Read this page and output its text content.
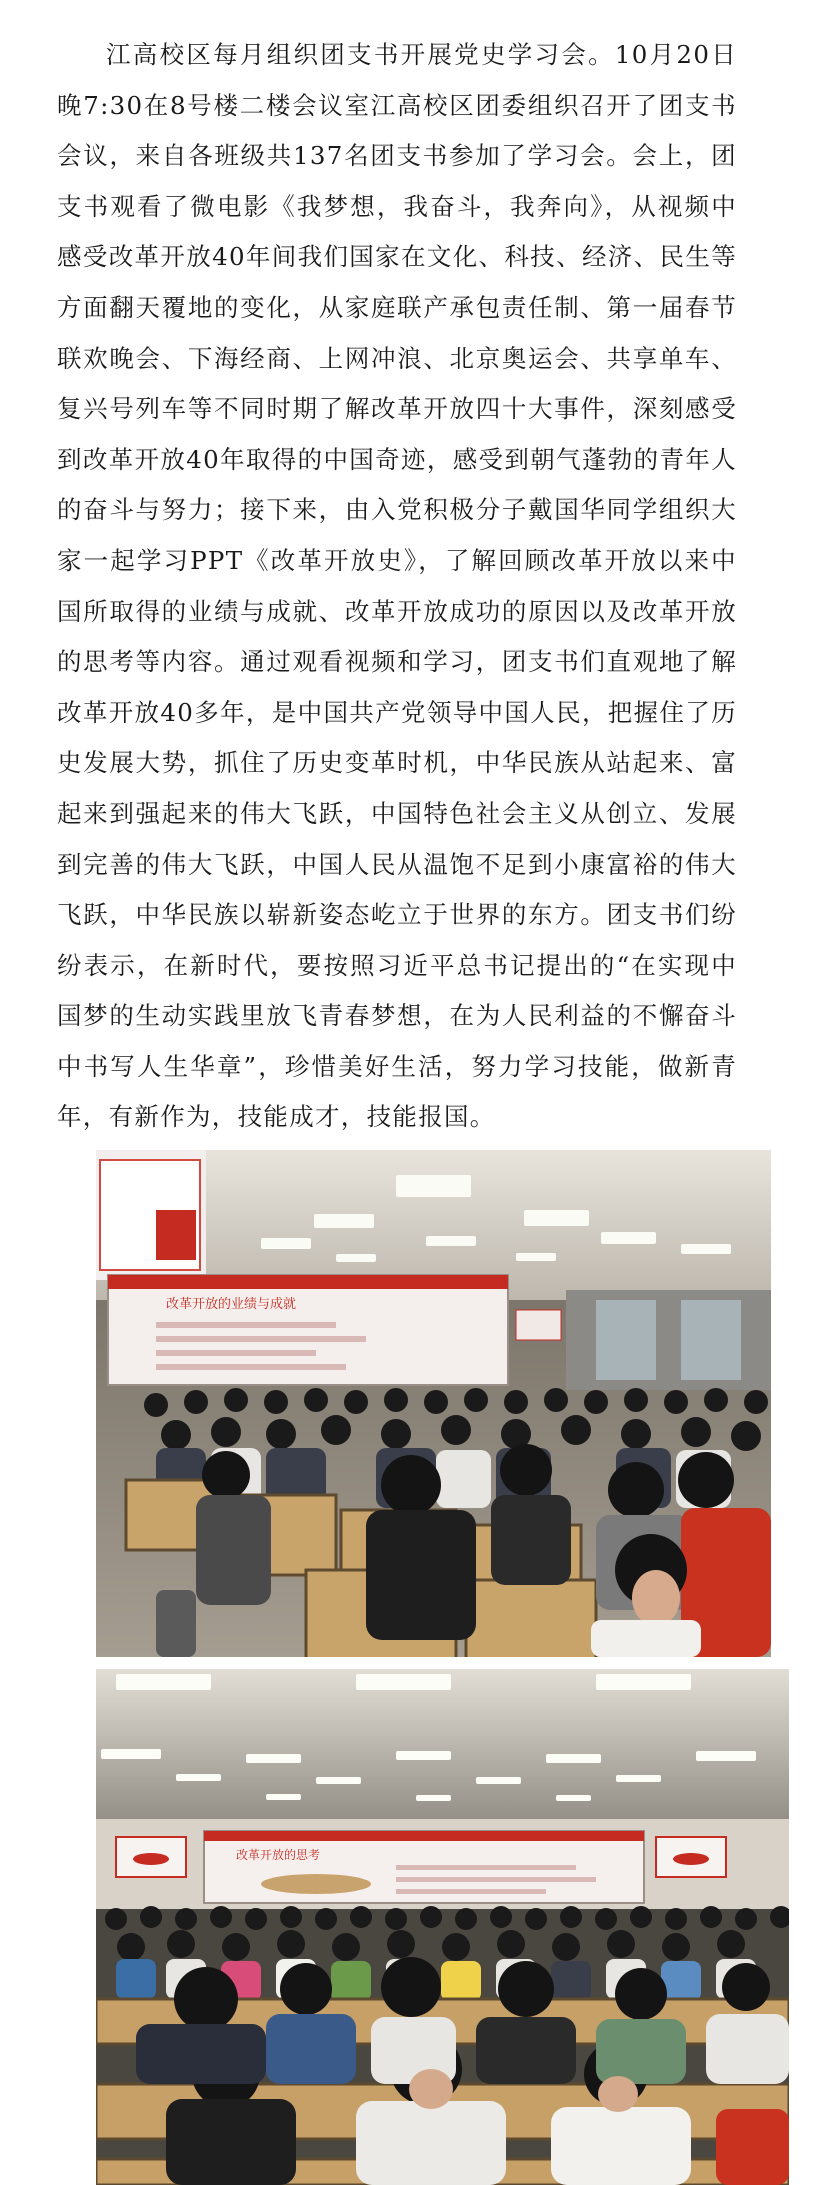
江高校区每月组织团支书开展党史学习会。10月20日晚7:30在8号楼二楼会议室江高校区团委组织召开了团支书会议，来自各班级共137名团支书参加了学习会。会上，团支书观看了微电影《我梦想，我奋斗，我奔向》，从视频中感受改革开放40年间我们国家在文化、科技、经济、民生等方面翻天覆地的变化，从家庭联产承包责任制、第一届春节联欢晚会、下海经商、上网冲浪、北京奥运会、共享单车、复兴号列车等不同时期了解改革开放四十大事件，深刻感受到改革开放40年取得的中国奇迹，感受到朝气蓬勃的青年人的奋斗与努力；接下来，由入党积极分子戴国华同学组织大家一起学习PPT《改革开放史》，了解回顾改革开放以来中国所取得的业绩与成就、改革开放成功的原因以及改革开放的思考等内容。通过观看视频和学习，团支书们直观地了解改革开放40多年，是中国共产党领导中国人民，把握住了历史发展大势，抓住了历史变革时机，中华民族从站起来、富起来到强起来的伟大飞跃，中国特色社会主义从创立、发展到完善的伟大飞跃，中国人民从温饱不足到小康富裕的伟大飞跃，中华民族以崭新姿态屹立于世界的东方。团支书们纷纷表示，在新时代，要按照习近平总书记提出的“在实现中国梦的生动实践里放飞青春梦想，在为人民利益的不懈奋斗中书写人生华章”，珍惜美好生活，努力学习技能，做新青年，有新作为，技能成才，技能报国。

改革开放的业绩与成就
改革开放的思考
